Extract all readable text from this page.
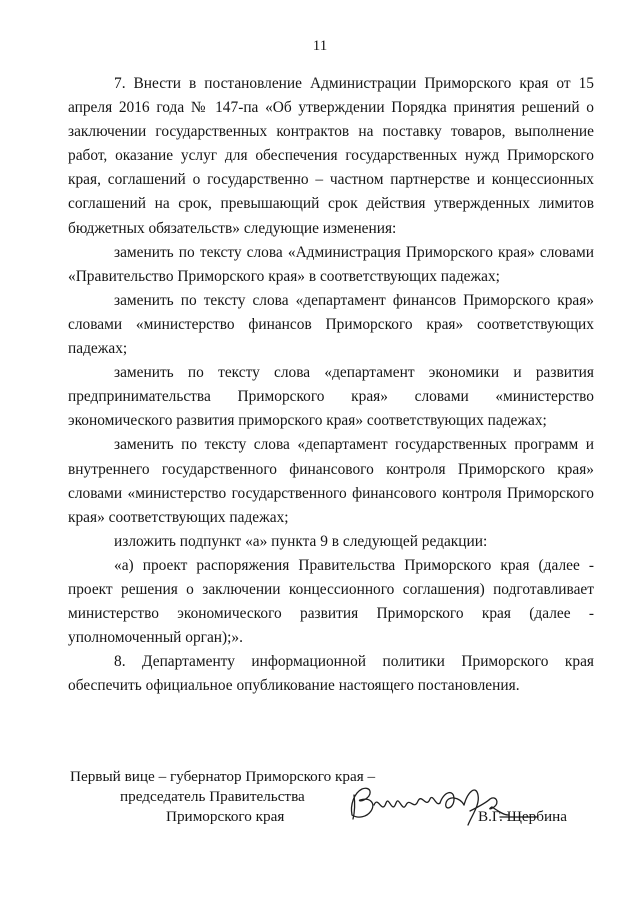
11

7. Внести в постановление Администрации Приморского края от 15 апреля 2016 года № 147-па «Об утверждении Порядка принятия решений о заключении государственных контрактов на поставку товаров, выполнение работ, оказание услуг для обеспечения государственных нужд Приморского края, соглашений о государственно – частном партнерстве и концессионных соглашений на срок, превышающий срок действия утвержденных лимитов бюджетных обязательств» следующие изменения:

заменить по тексту слова «Администрация Приморского края» словами «Правительство Приморского края» в соответствующих падежах;

заменить по тексту слова «департамент финансов Приморского края» словами «министерство финансов Приморского края» соответствующих падежах;

заменить по тексту слова «департамент экономики и развития предпринимательства Приморского края» словами «министерство экономического развития приморского края» соответствующих падежах;

заменить по тексту слова «департамент государственных программ и внутреннего государственного финансового контроля Приморского края» словами «министерство государственного финансового контроля Приморского края» соответствующих падежах;

изложить подпункт «а» пункта 9 в следующей редакции:

«а) проект распоряжения Правительства Приморского края (далее - проект решения о заключении концессионного соглашения) подготавливает министерство экономического развития Приморского края (далее - уполномоченный орган);».

8. Департаменту информационной политики Приморского края обеспечить официальное опубликование настоящего постановления.

Первый вице – губернатор Приморского края –
председатель Правительства
Приморского края	В.Г. Щербина
